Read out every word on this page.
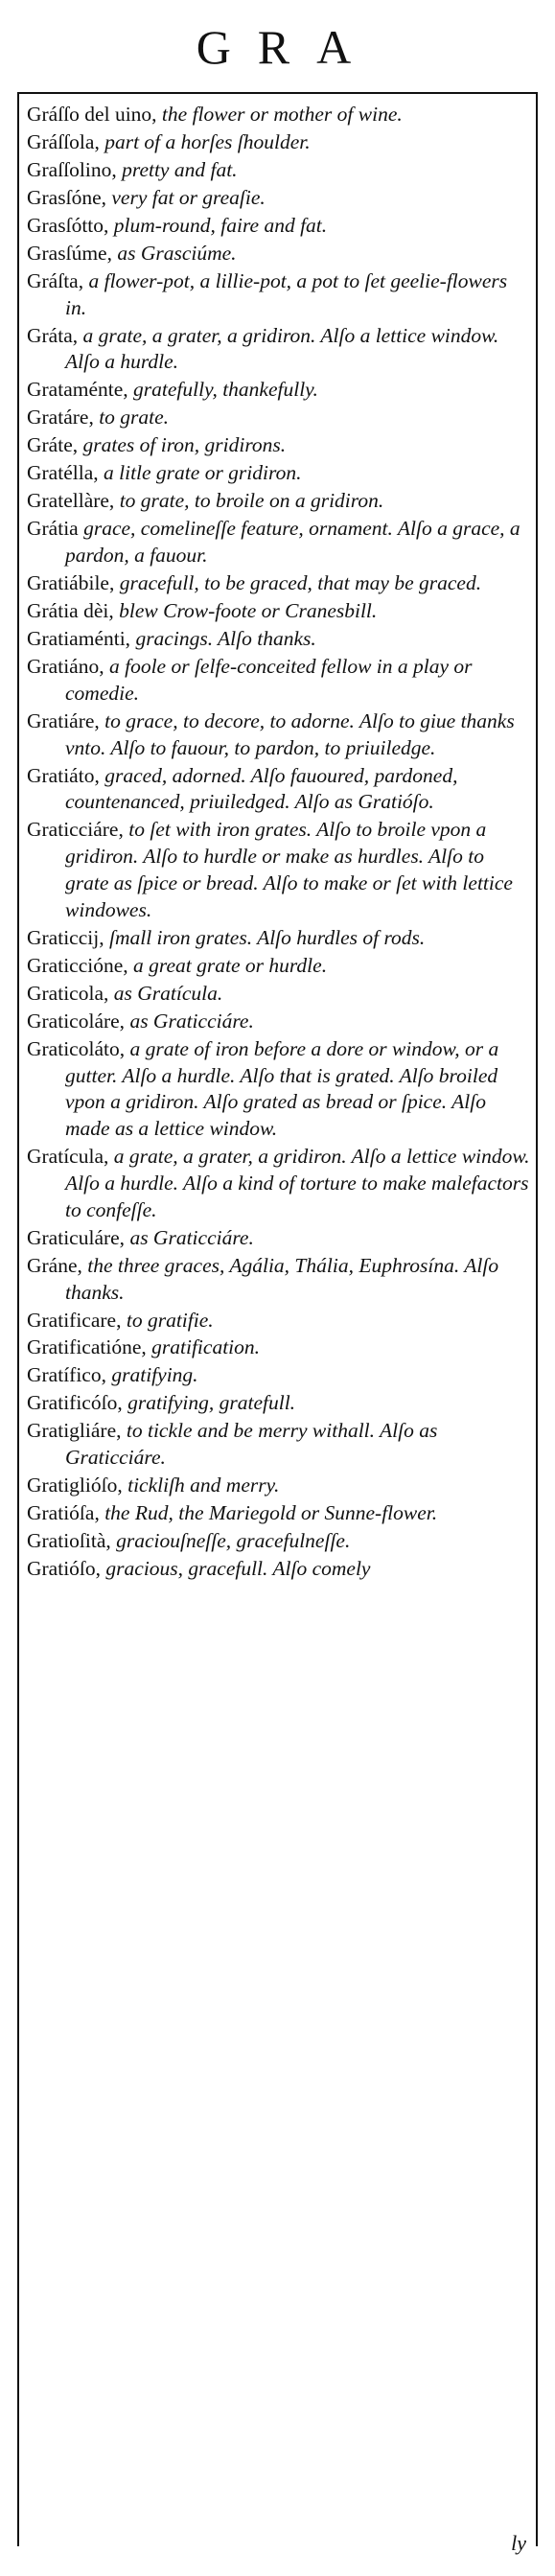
GRA
Gráſſo del uino, the flower or mother of wine.
Gráſſola, part of a horſes ſhoulder.
Graſſolino, pretty and fat.
Grasſóne, very fat or greaſie.
Grasſótto, plum-round, faire and fat.
Grasſúme, as Grasciúme.
Gráſta, a flower-pot, a lillie-pot, a pot to ſet geelie-flowers in.
Gráta, a grate, a grater, a gridiron. Alſo a lettice window. Alſo a hurdle.
Grataménte, gratefully, thankefully.
Gratáre, to grate.
Gráte, grates of iron, gridirons.
Gratélla, a litle grate or gridiron.
Gratellàre, to grate, to broile on a gridiron.
Grátia grace, comelineſſe feature, ornament. Alſo a grace, a pardon, a fauour.
Gratiábile, gracefull, to be graced, that may be graced.
Grátia dèi, blew Crow-foote or Cranesbill.
Gratiaménti, gracings. Alſo thanks.
Gratiáno, a foole or ſelfe-conceited fellow in a play or comedie.
Gratiáre, to grace, to decore, to adorne. Alſo to giue thanks vnto. Alſo to fauour, to pardon, to priuiledge.
Gratiáto, graced, adorned. Alſo fauoured, pardoned, countenanced, priuiledged. Alſo as Gratióſo.
Graticciáre, to ſet with iron grates. Alſo to broile vpon a gridiron. Alſo to hurdle or make as hurdles. Alſo to grate as ſpice or bread. Alſo to make or ſet with lettice windowes.
Graticcij, ſmall iron grates. Alſo hurdles of rods.
Graticcióne, a great grate or hurdle.
Graticola, as Gratícula.
Graticoláre, as Graticciáre.
Graticoláto, a grate of iron before a dore or window, or a gutter. Alſo a hurdle. Alſo that is grated. Alſo broiled vpon a gridiron. Alſo grated as bread or ſpice. Alſo made as a lettice window.
Gratícula, a grate, a grater, a gridiron. Alſo a lettice window. Alſo a hurdle. Alſo a kind of torture to make malefactors to confeſſe.
Graticuláre, as Graticciáre.
Gráne, the three graces, Agália, Thália, Euphrosína. Alſo thanks.
Gratificare, to gratifie.
Gratificatióne, gratification.
Gratífico, gratifying.
Gratificóſo, gratifying, gratefull.
Gratigliáre, to tickle and be merry withall. Alſo as Graticciáre.
Gratiglióſo, tickliſh and merry.
Gratióſa, the Rud, the Mariegold or Sunne-flower.
Gratioſità, graciouſneſſe, gracefulneſſe.
Gratióſo, gracious, gracefull. Alſo comely
ly
